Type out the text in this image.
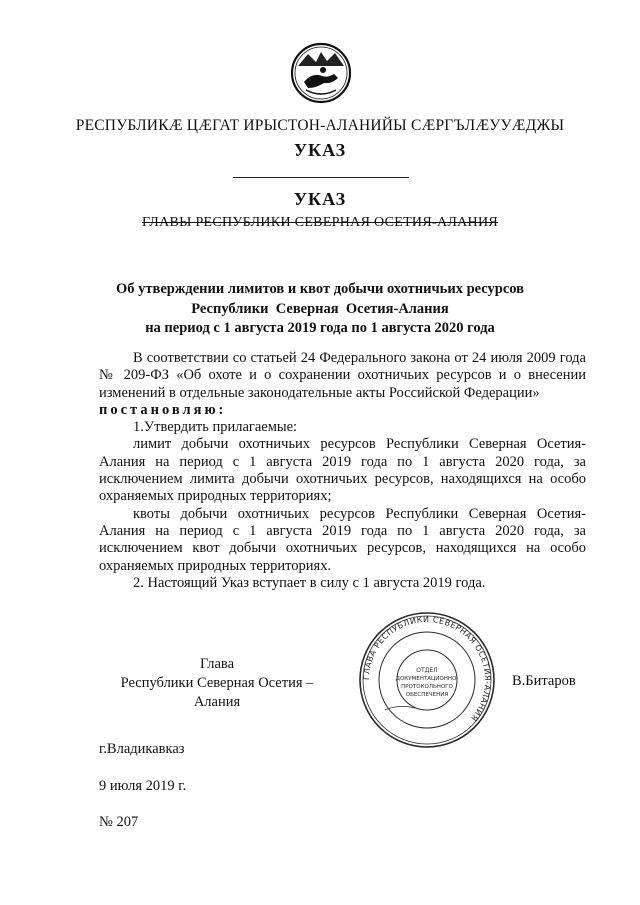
РЕСПУБЛИКӔ ЦӔГАТ ИРЫСТОН-АЛАНИЙЫ СӔРГЪЛӔУУӔДЖЫ
УКАЗ
УКАЗ
ГЛАВЫ РЕСПУБЛИКИ СЕВЕРНАЯ ОСЕТИЯ-АЛАНИЯ
Об утверждении лимитов и квот добычи охотничьих ресурсов
Республики  Северная  Осетия-Алания
на период с 1 августа 2019 года по 1 августа 2020 года

В соответствии со статьей 24 Федерального закона от 24 июля 2009 года № 209-ФЗ «Об охоте и о сохранении охотничьих ресурсов и о внесении изменений в отдельные законодательные акты Российской Федерации»
постановляю:

1.Утвердить прилагаемые:

лимит добычи охотничьих ресурсов Республики Северная Осетия-Алания на период с 1 августа 2019 года по 1 августа 2020 года, за исключением лимита добычи охотничьих ресурсов, находящихся на особо охраняемых природных территориях;

квоты добычи охотничьих ресурсов Республики Северная Осетия-Алания на период с 1 августа 2019 года по 1 августа 2020 года, за исключением квот добычи охотничьих ресурсов, находящихся на особо охраняемых природных территориях.

2. Настоящий Указ вступает в силу с 1 августа 2019 года.

Глава
Республики Северная Осетия – Алания
ГЛАВА РЕСПУБЛИКИ СЕВЕРНАЯ ОСЕТИЯ-АЛАНИЯ
ОТДЕЛ
ДОКУМЕНТАЦИОННО-
ПРОТОКОЛЬНОГО
ОБЕСПЕЧЕНИЯ
В.Битаров
г.Владикавказ
9 июля 2019 г.
№ 207
